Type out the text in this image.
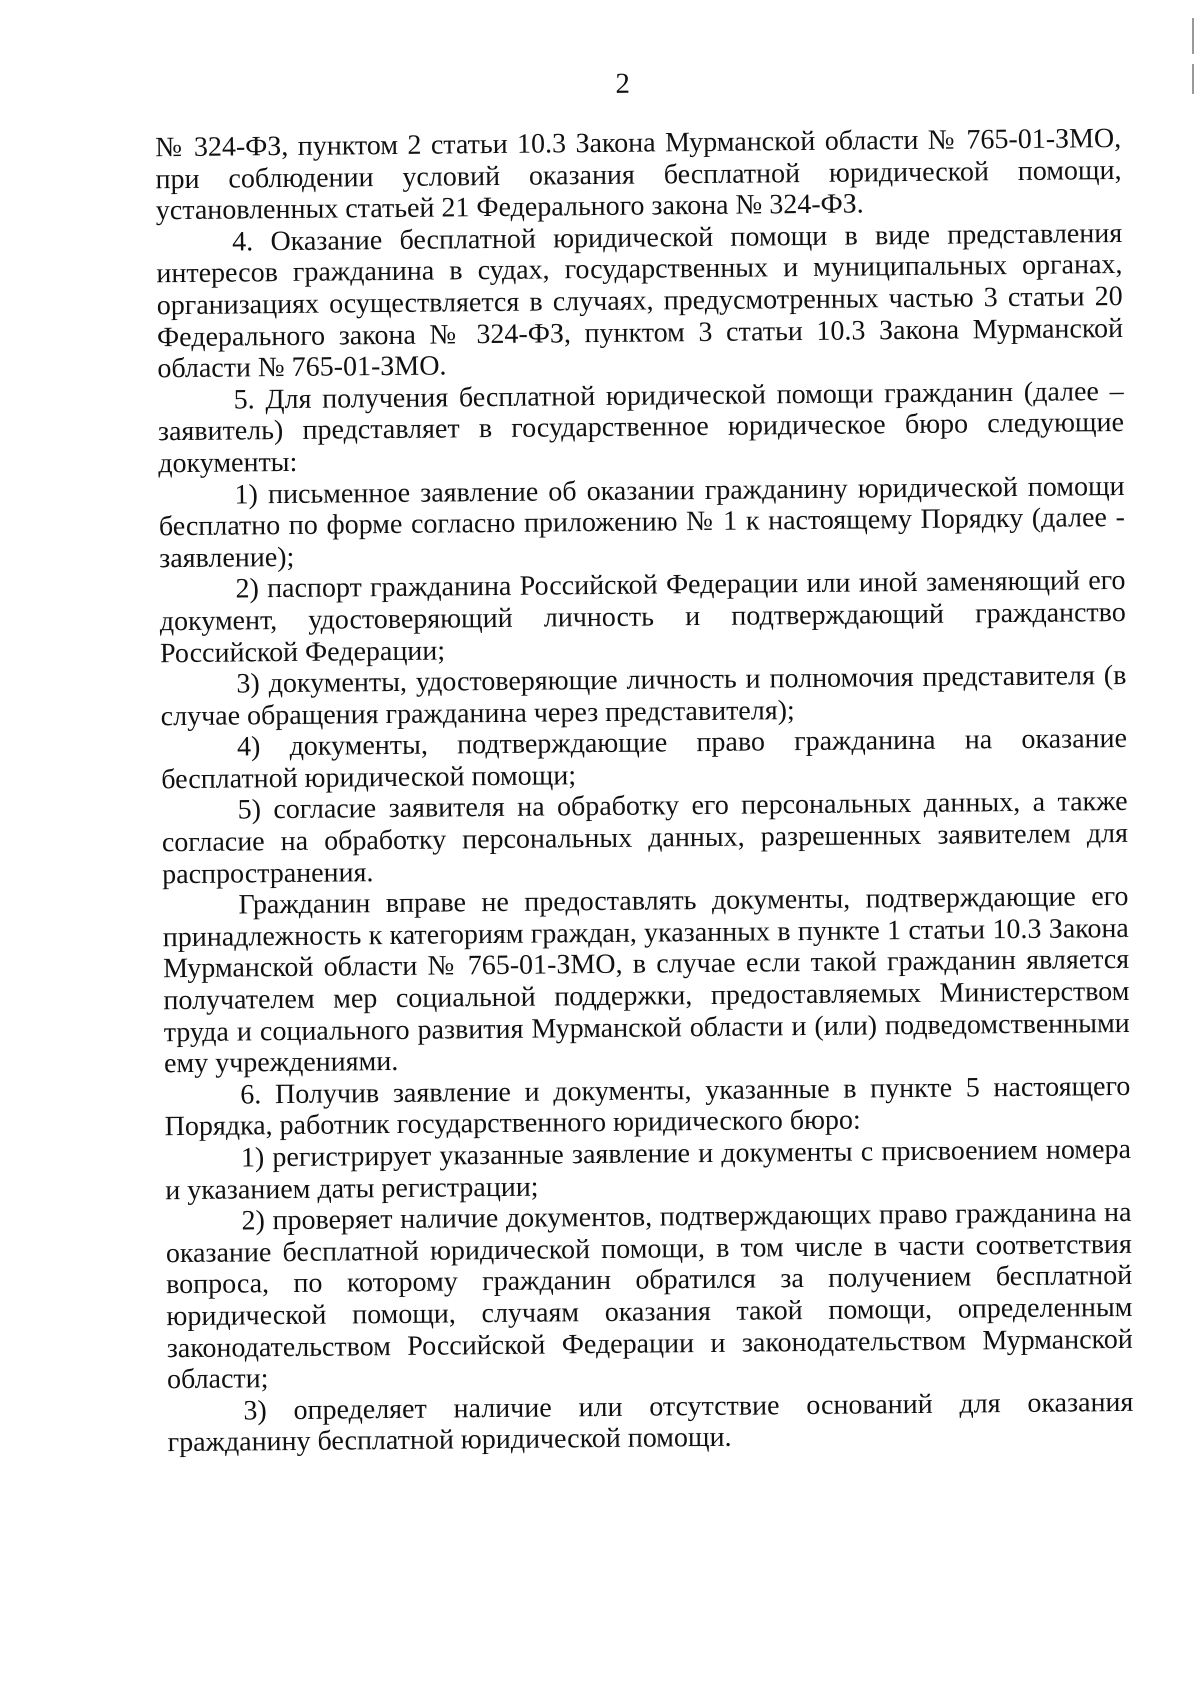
2

№ 324-ФЗ, пунктом 2 статьи 10.3 Закона Мурманской области № 765-01-ЗМО, при соблюдении условий оказания бесплатной юридической помощи, установленных статьей 21 Федерального закона № 324-ФЗ.

4. Оказание бесплатной юридической помощи в виде представления интересов гражданина в судах, государственных и муниципальных органах, организациях осуществляется в случаях, предусмотренных частью 3 статьи 20 Федерального закона № 324-ФЗ, пунктом 3 статьи 10.3 Закона Мурманской области № 765-01-ЗМО.

5. Для получения бесплатной юридической помощи гражданин (далее – заявитель) представляет в государственное юридическое бюро следующие документы:

1) письменное заявление об оказании гражданину юридической помощи бесплатно по форме согласно приложению № 1 к настоящему Порядку (далее - заявление);

2) паспорт гражданина Российской Федерации или иной заменяющий его документ, удостоверяющий личность и подтверждающий гражданство Российской Федерации;

3) документы, удостоверяющие личность и полномочия представителя (в случае обращения гражданина через представителя);

4) документы, подтверждающие право гражданина на оказание бесплатной юридической помощи;

5) согласие заявителя на обработку его персональных данных, а также согласие на обработку персональных данных, разрешенных заявителем для распространения.

Гражданин вправе не предоставлять документы, подтверждающие его принадлежность к категориям граждан, указанных в пункте 1 статьи 10.3 Закона Мурманской области № 765-01-ЗМО, в случае если такой гражданин является получателем мер социальной поддержки, предоставляемых Министерством труда и социального развития Мурманской области и (или) подведомственными ему учреждениями.

6. Получив заявление и документы, указанные в пункте 5 настоящего Порядка, работник государственного юридического бюро:

1) регистрирует указанные заявление и документы с присвоением номера и указанием даты регистрации;

2) проверяет наличие документов, подтверждающих право гражданина на оказание бесплатной юридической помощи, в том числе в части соответствия вопроса, по которому гражданин обратился за получением бесплатной юридической помощи, случаям оказания такой помощи, определенным законодательством Российской Федерации и законодательством Мурманской области;

3) определяет наличие или отсутствие оснований для оказания гражданину бесплатной юридической помощи.
